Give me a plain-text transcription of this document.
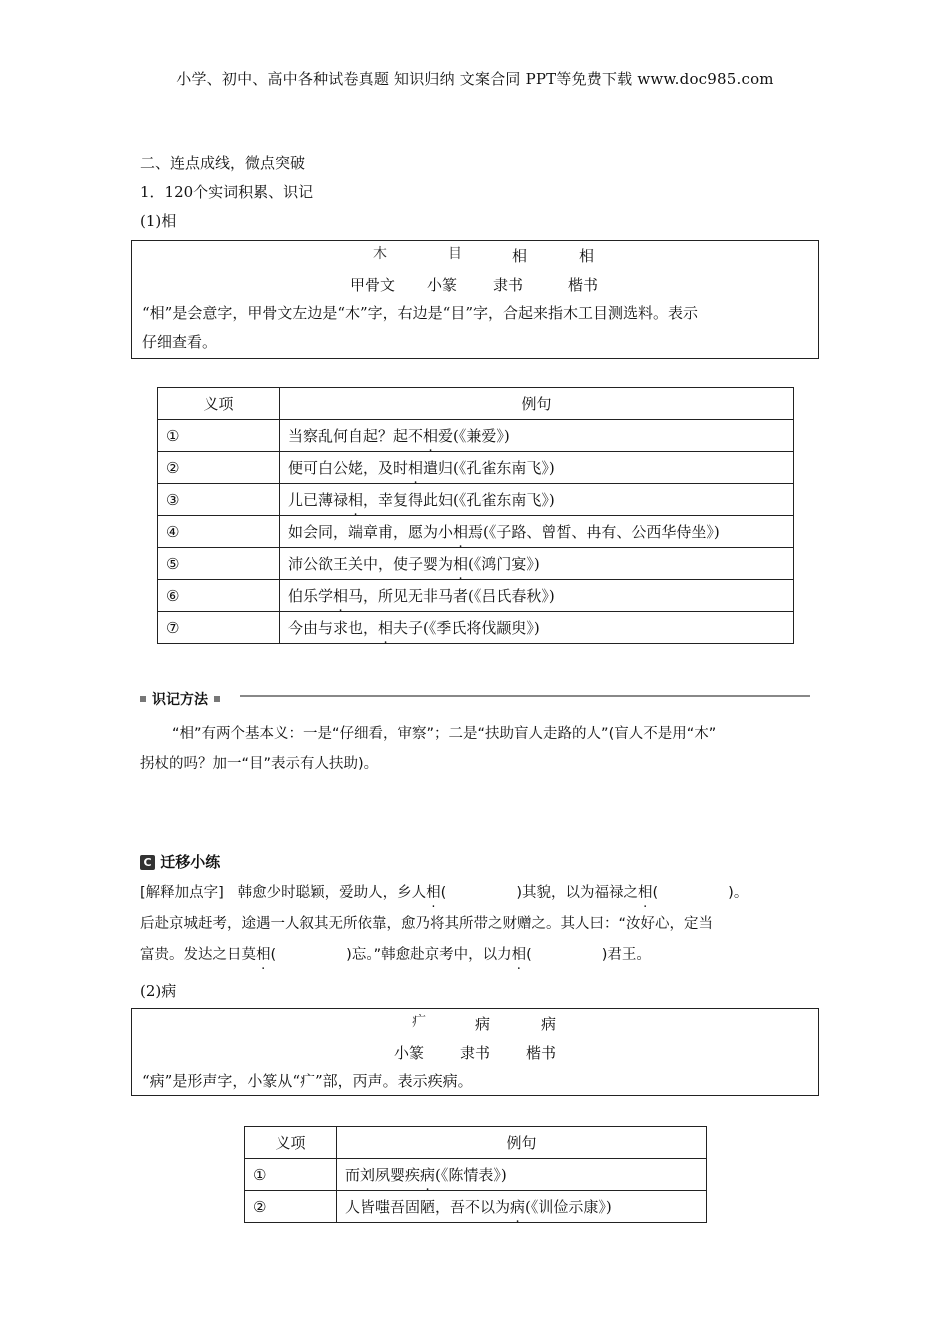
小学、初中、高中各种试卷真题 知识归纳 文案合同 PPT等免费下载 www.doc985.com
二、连点成线，微点突破
1．120个实词积累、识记
(1)相
⽊	⽬	相	相
甲骨文 小篆 隶书	楷书
“相”是会意字，甲骨文左边是“木”字，右边是“目”字，合起来指木工目测选料。表示
仔细查看。
义项	例句
①	当察乱何自起？起不相爱(《兼爱》)
②	便可白公姥，及时相遣归(《孔雀东南飞》)
③	儿已薄禄相，幸复得此妇(《孔雀东南飞》)
④	如会同，端章甫，愿为小相焉(《子路、曾皙、冉有、公西华侍坐》)
⑤	沛公欲王关中，使子婴为相(《鸿门宴》)
⑥	伯乐学相马，所见无非马者(《吕氏春秋》)
⑦	今由与求也，相夫子(《季氏将伐颛臾》)
识记方法
“相”有两个基本义：一是“仔细看，审察”；二是“扶助盲人走路的人”(盲人不是用“木”
拐杖的吗？加一“目”表示有人扶助)。
C 迁移小练
[解释加点字] 韩愈少时聪颖，爱助人，乡人相(	)其貌，以为福禄之相(	)。
后赴京城赶考，途遇一人叙其无所依靠，愈乃将其所带之财赠之。其人曰：“汝好心，定当
富贵。发达之日莫相(	)忘。”韩愈赴京考中，以力相(	)君王。
(2)病
⽧	病	病
小篆 隶书 楷书
“病”是形声字，小篆从“疒”部，丙声。表示疾病。
义项	例句
①	而刘夙婴疾病(《陈情表》)
②	人皆嗤吾固陋，吾不以为病(《训俭示康》)
